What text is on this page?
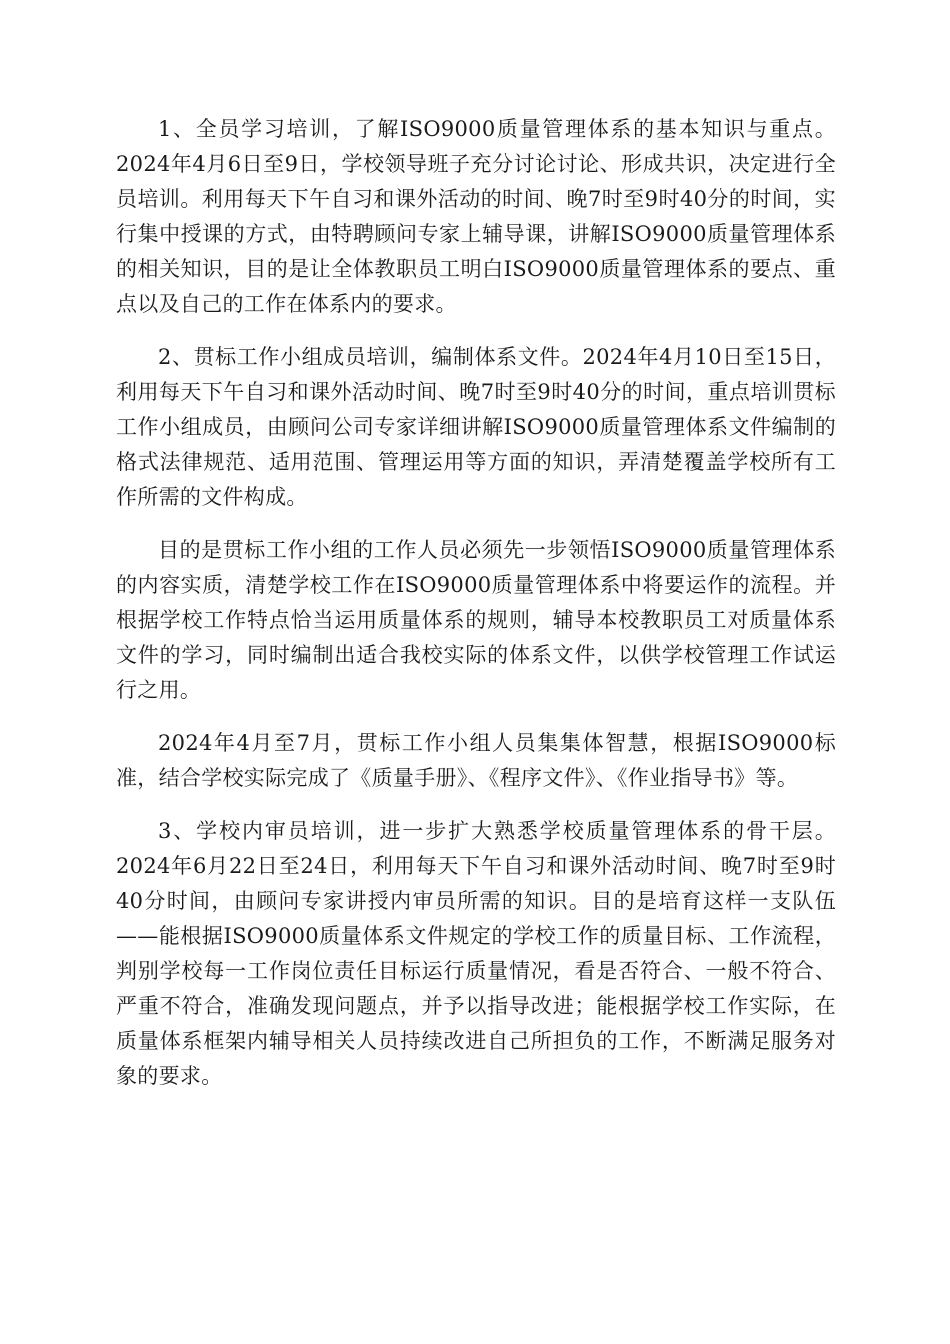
1、全员学习培训，了解ISO9000质量管理体系的基本知识与重点。2024年4月6日至9日，学校领导班子充分讨论讨论、形成共识，决定进行全员培训。利用每天下午自习和课外活动的时间、晚7时至9时40分的时间，实行集中授课的方式，由特聘顾问专家上辅导课，讲解ISO9000质量管理体系的相关知识，目的是让全体教职员工明白ISO9000质量管理体系的要点、重点以及自己的工作在体系内的要求。

2、贯标工作小组成员培训，编制体系文件。2024年4月10日至15日，利用每天下午自习和课外活动时间、晚7时至9时40分的时间，重点培训贯标工作小组成员，由顾问公司专家详细讲解ISO9000质量管理体系文件编制的格式法律规范、适用范围、管理运用等方面的知识，弄清楚覆盖学校所有工作所需的文件构成。

目的是贯标工作小组的工作人员必须先一步领悟ISO9000质量管理体系的内容实质，清楚学校工作在ISO9000质量管理体系中将要运作的流程。并根据学校工作特点恰当运用质量体系的规则，辅导本校教职员工对质量体系文件的学习，同时编制出适合我校实际的体系文件，以供学校管理工作试运行之用。

2024年4月至7月，贯标工作小组人员集集体智慧，根据ISO9000标准，结合学校实际完成了《质量手册》、《程序文件》、《作业指导书》等。

3、学校内审员培训，进一步扩大熟悉学校质量管理体系的骨干层。2024年6月22日至24日，利用每天下午自习和课外活动时间、晚7时至9时40分时间，由顾问专家讲授内审员所需的知识。目的是培育这样一支队伍——能根据ISO9000质量体系文件规定的学校工作的质量目标、工作流程，判别学校每一工作岗位责任目标运行质量情况，看是否符合、一般不符合、严重不符合，准确发现问题点，并予以指导改进；能根据学校工作实际，在质量体系框架内辅导相关人员持续改进自己所担负的工作，不断满足服务对象的要求。
